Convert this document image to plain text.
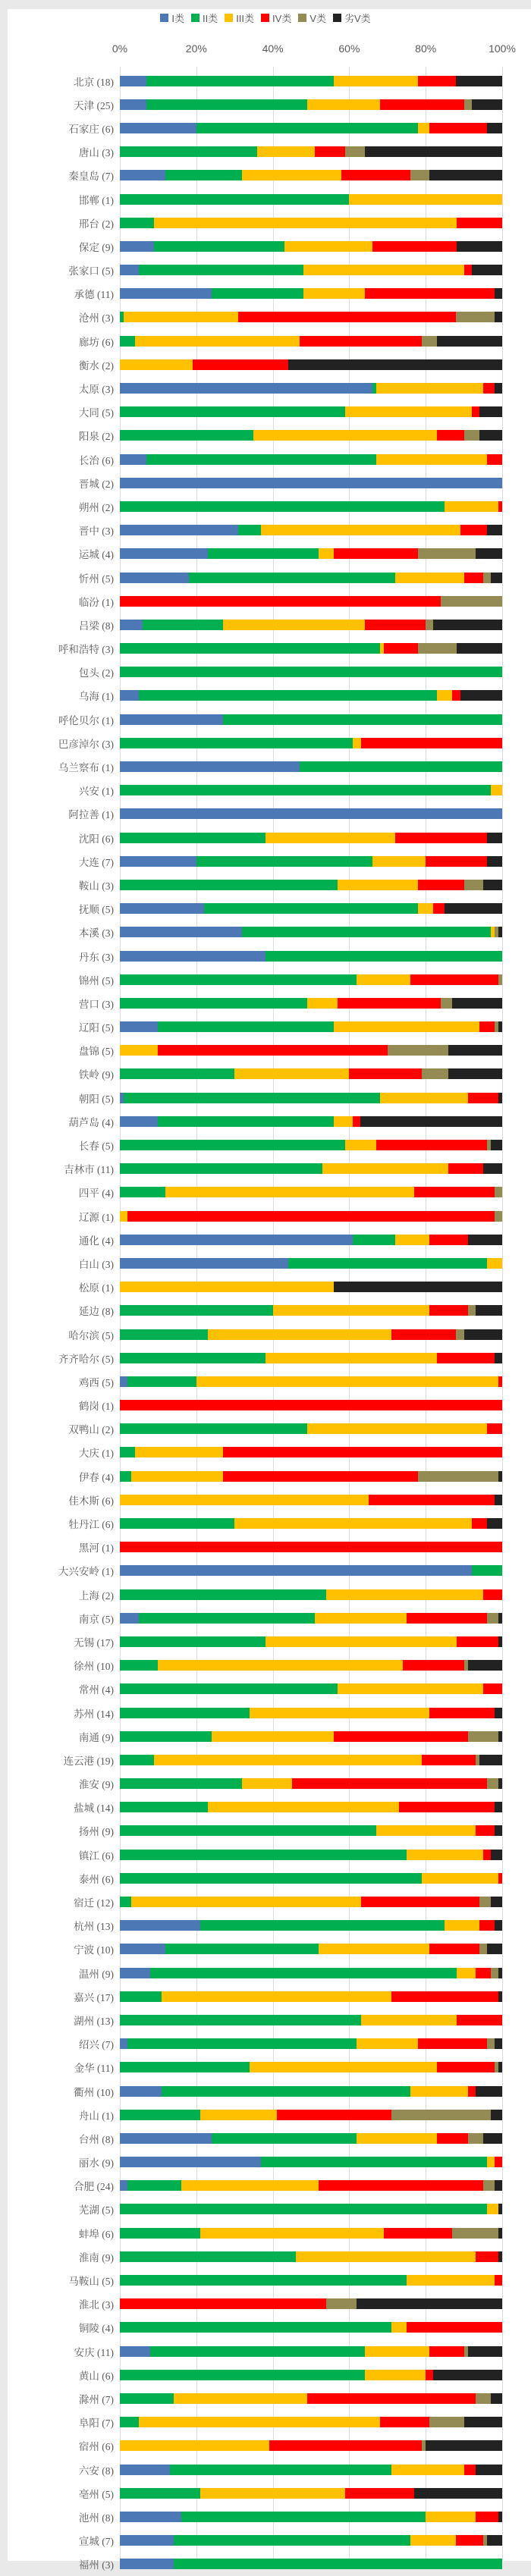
I类 II类 III类 IV类 V类 劣V类
0%	20%	40%	60%	80%	100%
北京 (18)
天津 (25)
石家庄 (6)
唐山 (3)
秦皇岛 (7)
邯郸 (1)
邢台 (2)
保定 (9)
张家口 (5)
承德 (11)
沧州 (3)
廊坊 (6)
衡水 (2)
太原 (3)
大同 (5)
阳泉 (2)
长治 (6)
晋城 (2)
朔州 (2)
晋中 (3)
运城 (4)
忻州 (5)
临汾 (1)
吕梁 (8)
呼和浩特 (3)
包头 (2)
乌海 (1)
呼伦贝尔 (1)
巴彦淖尔 (3)
乌兰察布 (1)
兴安 (1)
阿拉善 (1)
沈阳 (6)
大连 (7)
鞍山 (3)
抚顺 (5)
本溪 (3)
丹东 (3)
锦州 (5)
营口 (3)
辽阳 (5)
盘锦 (5)
铁岭 (9)
朝阳 (5)
葫芦岛 (4)
长春 (5)
吉林市 (11)
四平 (4)
辽源 (1)
通化 (4)
白山 (3)
松原 (1)
延边 (8)
哈尔滨 (5)
齐齐哈尔 (5)
鸡西 (5)
鹤岗 (1)
双鸭山 (2)
大庆 (1)
伊春 (4)
佳木斯 (6)
牡丹江 (6)
黑河 (1)
大兴安岭 (1)
上海 (2)
南京 (5)
无锡 (17)
徐州 (10)
常州 (4)
苏州 (14)
南通 (9)
连云港 (19)
淮安 (9)
盐城 (14)
扬州 (9)
镇江 (6)
泰州 (6)
宿迁 (12)
杭州 (13)
宁波 (10)
温州 (9)
嘉兴 (17)
湖州 (13)
绍兴 (7)
金华 (11)
衢州 (10)
舟山 (1)
台州 (8)
丽水 (9)
合肥 (24)
芜湖 (5)
蚌埠 (6)
淮南 (9)
马鞍山 (5)
淮北 (3)
铜陵 (4)
安庆 (11)
黄山 (6)
滁州 (7)
阜阳 (7)
宿州 (6)
六安 (8)
亳州 (5)
池州 (8)
宣城 (7)
福州 (3)
